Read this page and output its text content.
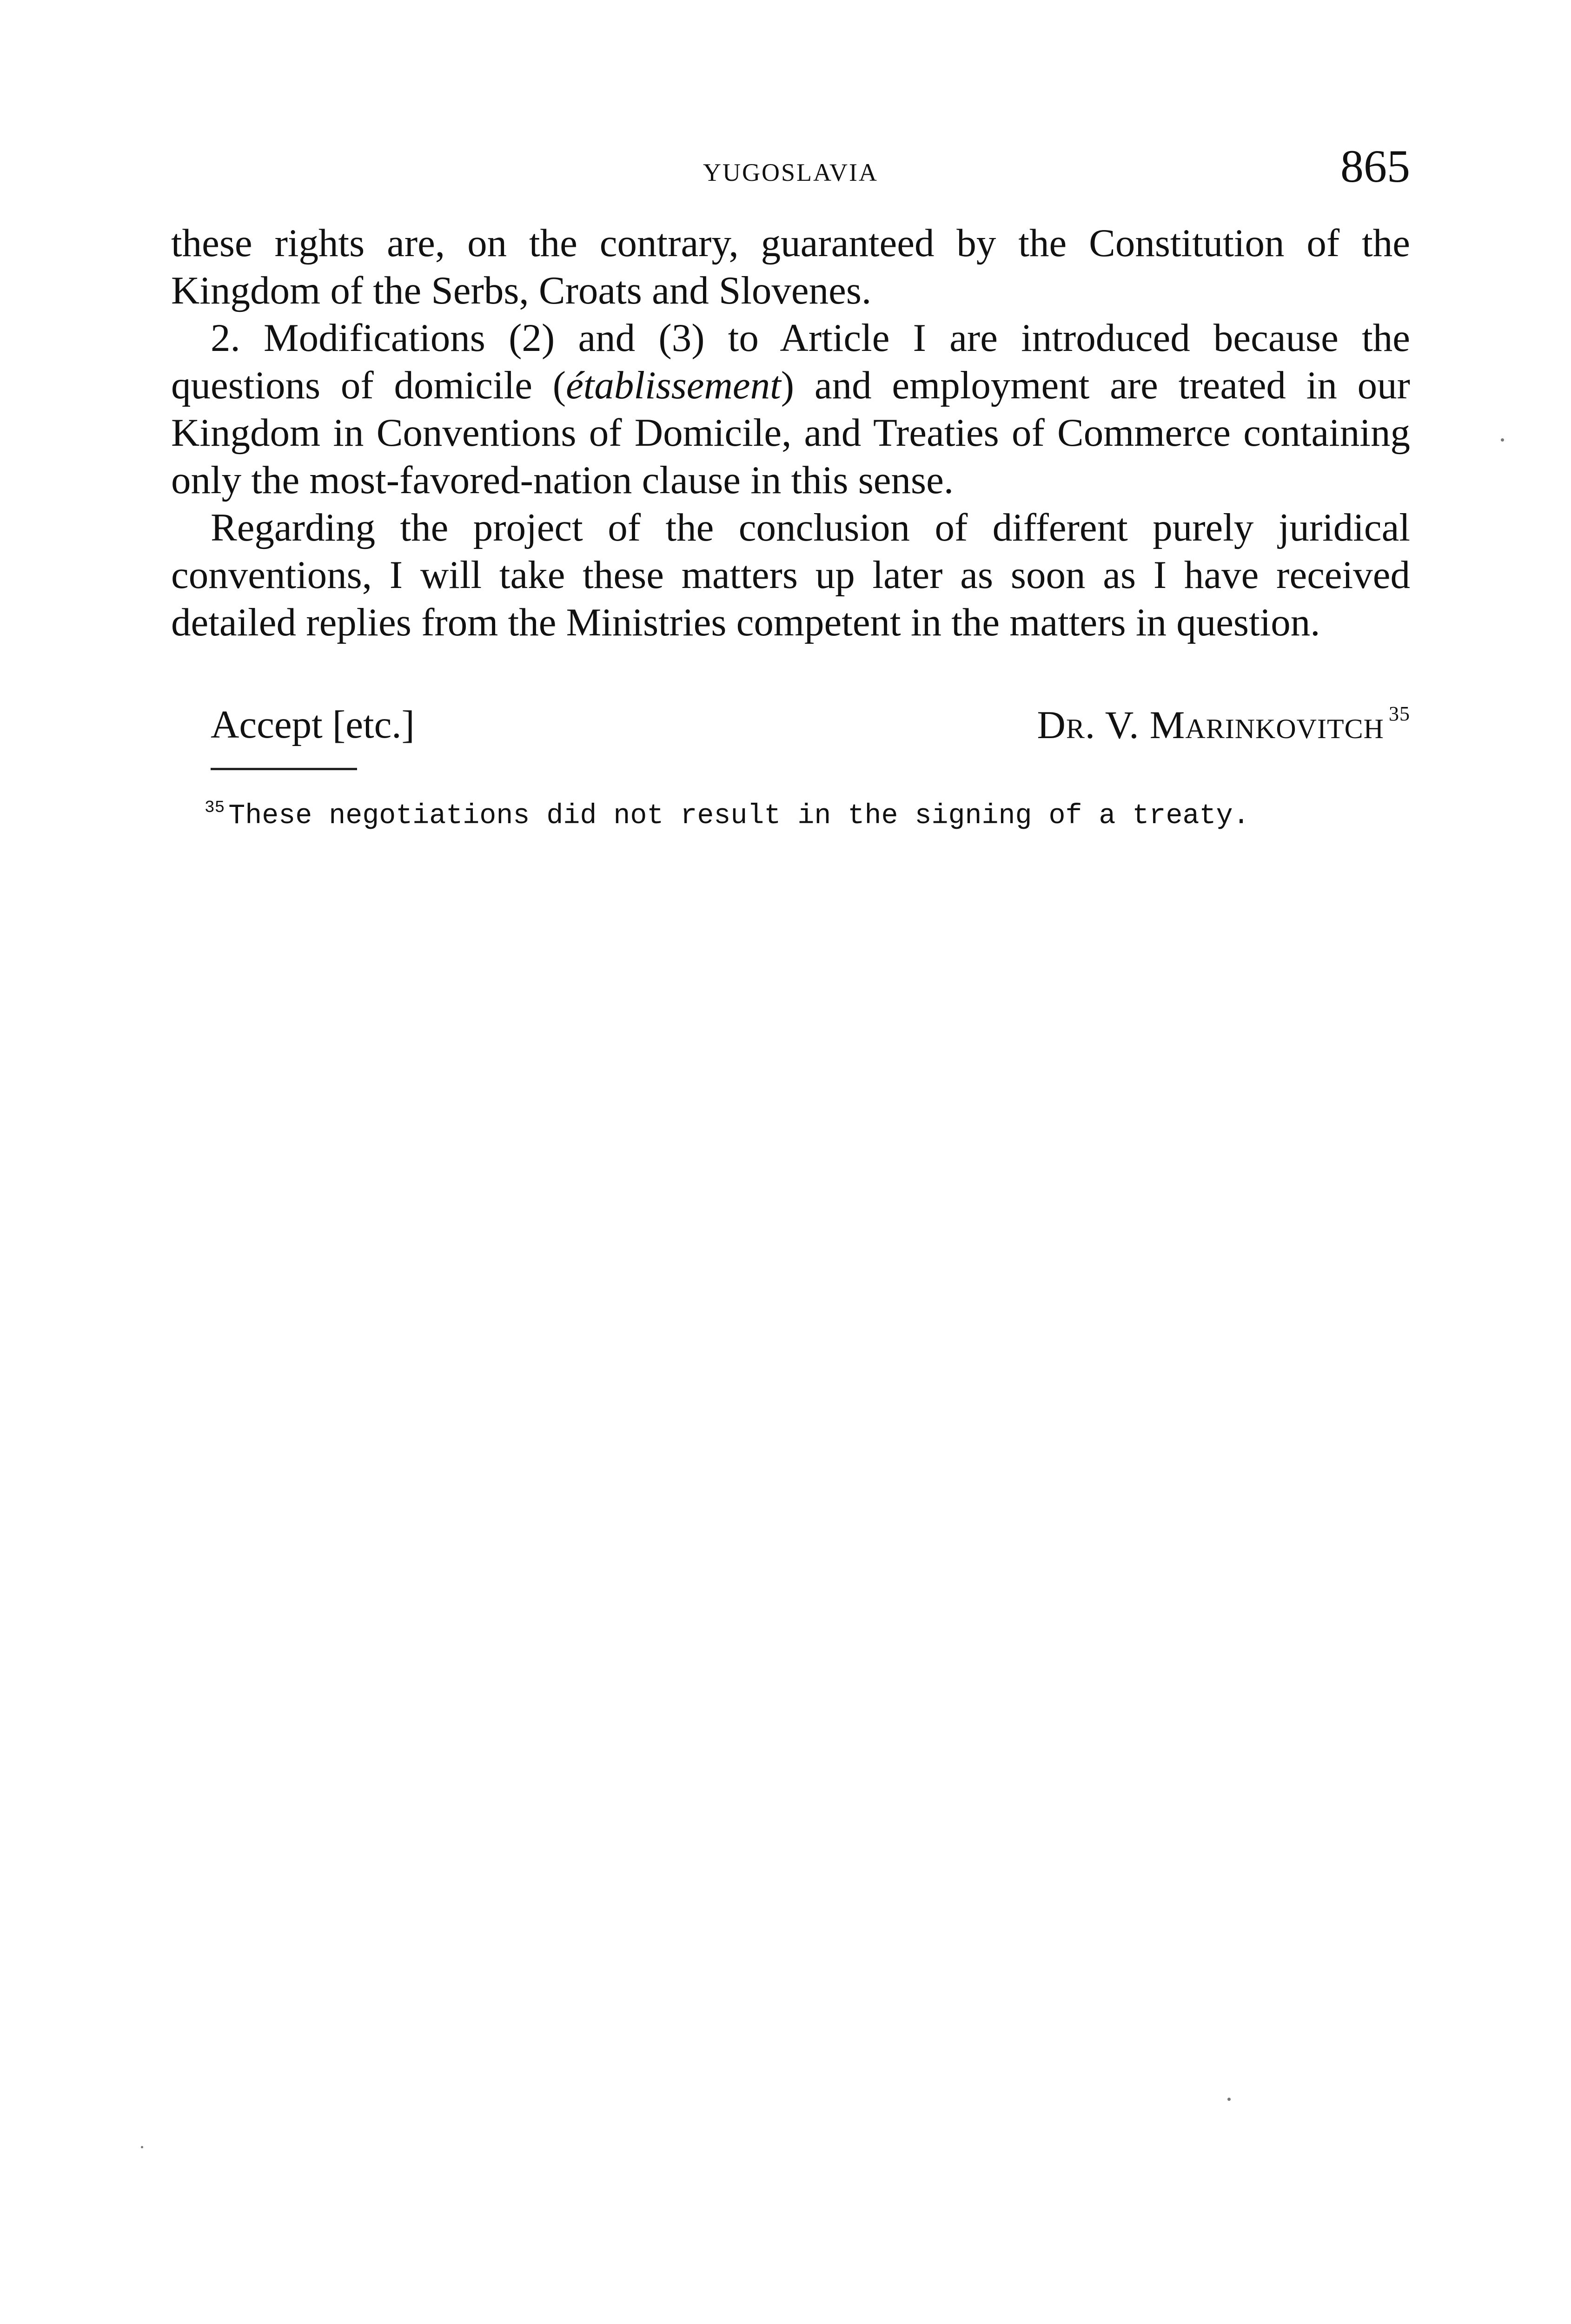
YUGOSLAVIA	865

these rights are, on the contrary, guaranteed by the Constitution of the Kingdom of the Serbs, Croats and Slovenes.

2. Modifications (2) and (3) to Article I are introduced because the questions of domicile (établissement) and employment are treated in our Kingdom in Conventions of Domicile, and Treaties of Commerce containing only the most-favored-nation clause in this sense.

Regarding the project of the conclusion of different purely juridical conventions, I will take these matters up later as soon as I have received detailed replies from the Ministries competent in the matters in question.

Accept [etc.]	Dr. V. Marinkovitch $^{35}$
$^{35}$ These negotiations did not result in the signing of a treaty.
